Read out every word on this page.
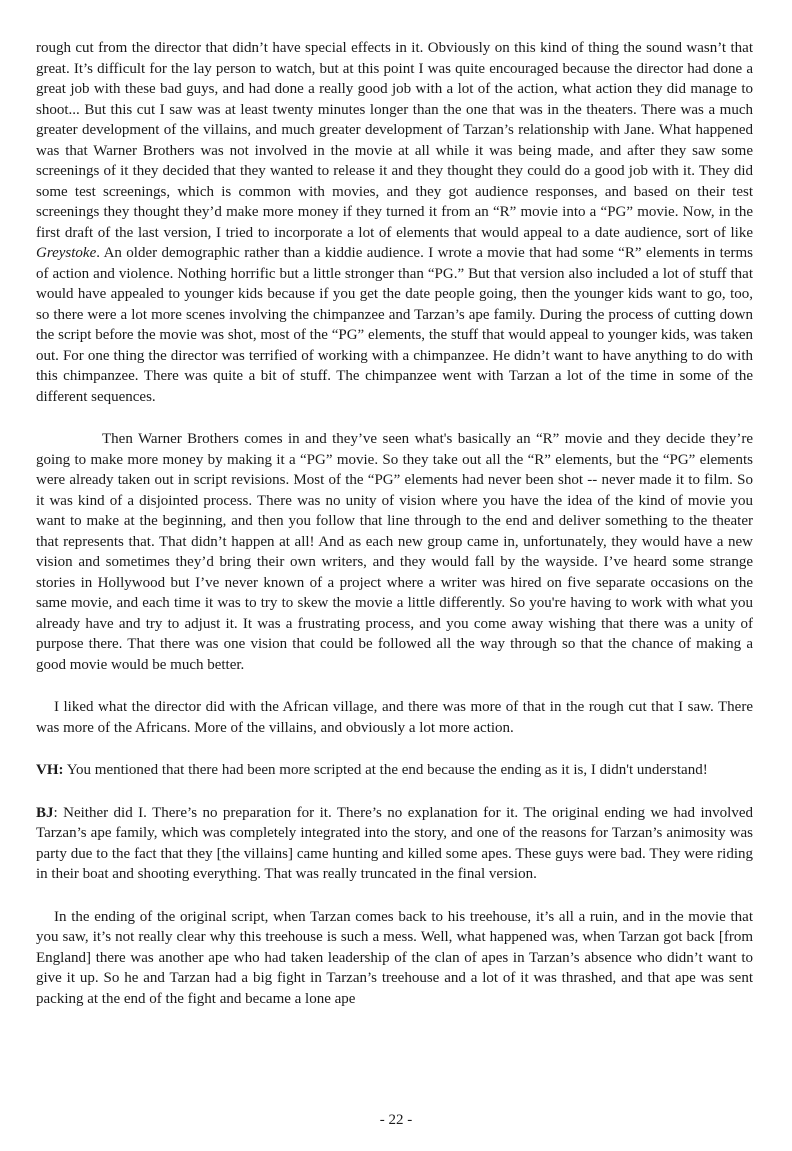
rough cut from the director that didn’t have special effects in it. Obviously on this kind of thing the sound wasn’t that great. It’s difficult for the lay person to watch, but at this point I was quite encouraged because the director had done a great job with these bad guys, and had done a really good job with a lot of the action, what action they did manage to shoot... But this cut I saw was at least twenty minutes longer than the one that was in the theaters. There was a much greater development of the villains, and much greater development of Tarzan’s relationship with Jane. What happened was that Warner Brothers was not involved in the movie at all while it was being made, and after they saw some screenings of it they decided that they wanted to release it and they thought they could do a good job with it. They did some test screenings, which is common with movies, and they got audience responses, and based on their test screenings they thought they’d make more money if they turned it from an “R” movie into a “PG” movie. Now, in the first draft of the last version, I tried to incorporate a lot of elements that would appeal to a date audience, sort of like Greystoke. An older demographic rather than a kiddie audience. I wrote a movie that had some “R” elements in terms of action and violence. Nothing horrific but a little stronger than “PG.” But that version also included a lot of stuff that would have appealed to younger kids because if you get the date people going, then the younger kids want to go, too, so there were a lot more scenes involving the chimpanzee and Tarzan’s ape family. During the process of cutting down the script before the movie was shot, most of the “PG” elements, the stuff that would appeal to younger kids, was taken out. For one thing the director was terrified of working with a chimpanzee. He didn’t want to have anything to do with this chimpanzee. There was quite a bit of stuff. The chimpanzee went with Tarzan a lot of the time in some of the different sequences.

Then Warner Brothers comes in and they’ve seen what's basically an “R” movie and they decide they’re going to make more money by making it a “PG” movie. So they take out all the “R” elements, but the “PG” elements were already taken out in script revisions. Most of the “PG” elements had never been shot -- never made it to film. So it was kind of a disjointed process. There was no unity of vision where you have the idea of the kind of movie you want to make at the beginning, and then you follow that line through to the end and deliver something to the theater that represents that. That didn’t happen at all! And as each new group came in, unfortunately, they would have a new vision and sometimes they’d bring their own writers, and they would fall by the wayside. I’ve heard some strange stories in Hollywood but I’ve never known of a project where a writer was hired on five separate occasions on the same movie, and each time it was to try to skew the movie a little differently. So you're having to work with what you already have and try to adjust it. It was a frustrating process, and you come away wishing that there was a unity of purpose there. That there was one vision that could be followed all the way through so that the chance of making a good movie would be much better.

I liked what the director did with the African village, and there was more of that in the rough cut that I saw. There was more of the Africans. More of the villains, and obviously a lot more action.

VH: You mentioned that there had been more scripted at the end because the ending as it is, I didn't understand!

BJ: Neither did I. There’s no preparation for it. There’s no explanation for it. The original ending we had involved Tarzan’s ape family, which was completely integrated into the story, and one of the reasons for Tarzan’s animosity was party due to the fact that they [the villains] came hunting and killed some apes. These guys were bad. They were riding in their boat and shooting everything. That was really truncated in the final version.

In the ending of the original script, when Tarzan comes back to his treehouse, it’s all a ruin, and in the movie that you saw, it’s not really clear why this treehouse is such a mess. Well, what happened was, when Tarzan got back [from England] there was another ape who had taken leadership of the clan of apes in Tarzan’s absence who didn’t want to give it up. So he and Tarzan had a big fight in Tarzan’s treehouse and a lot of it was thrashed, and that ape was sent packing at the end of the fight and became a lone ape

- 22 -
